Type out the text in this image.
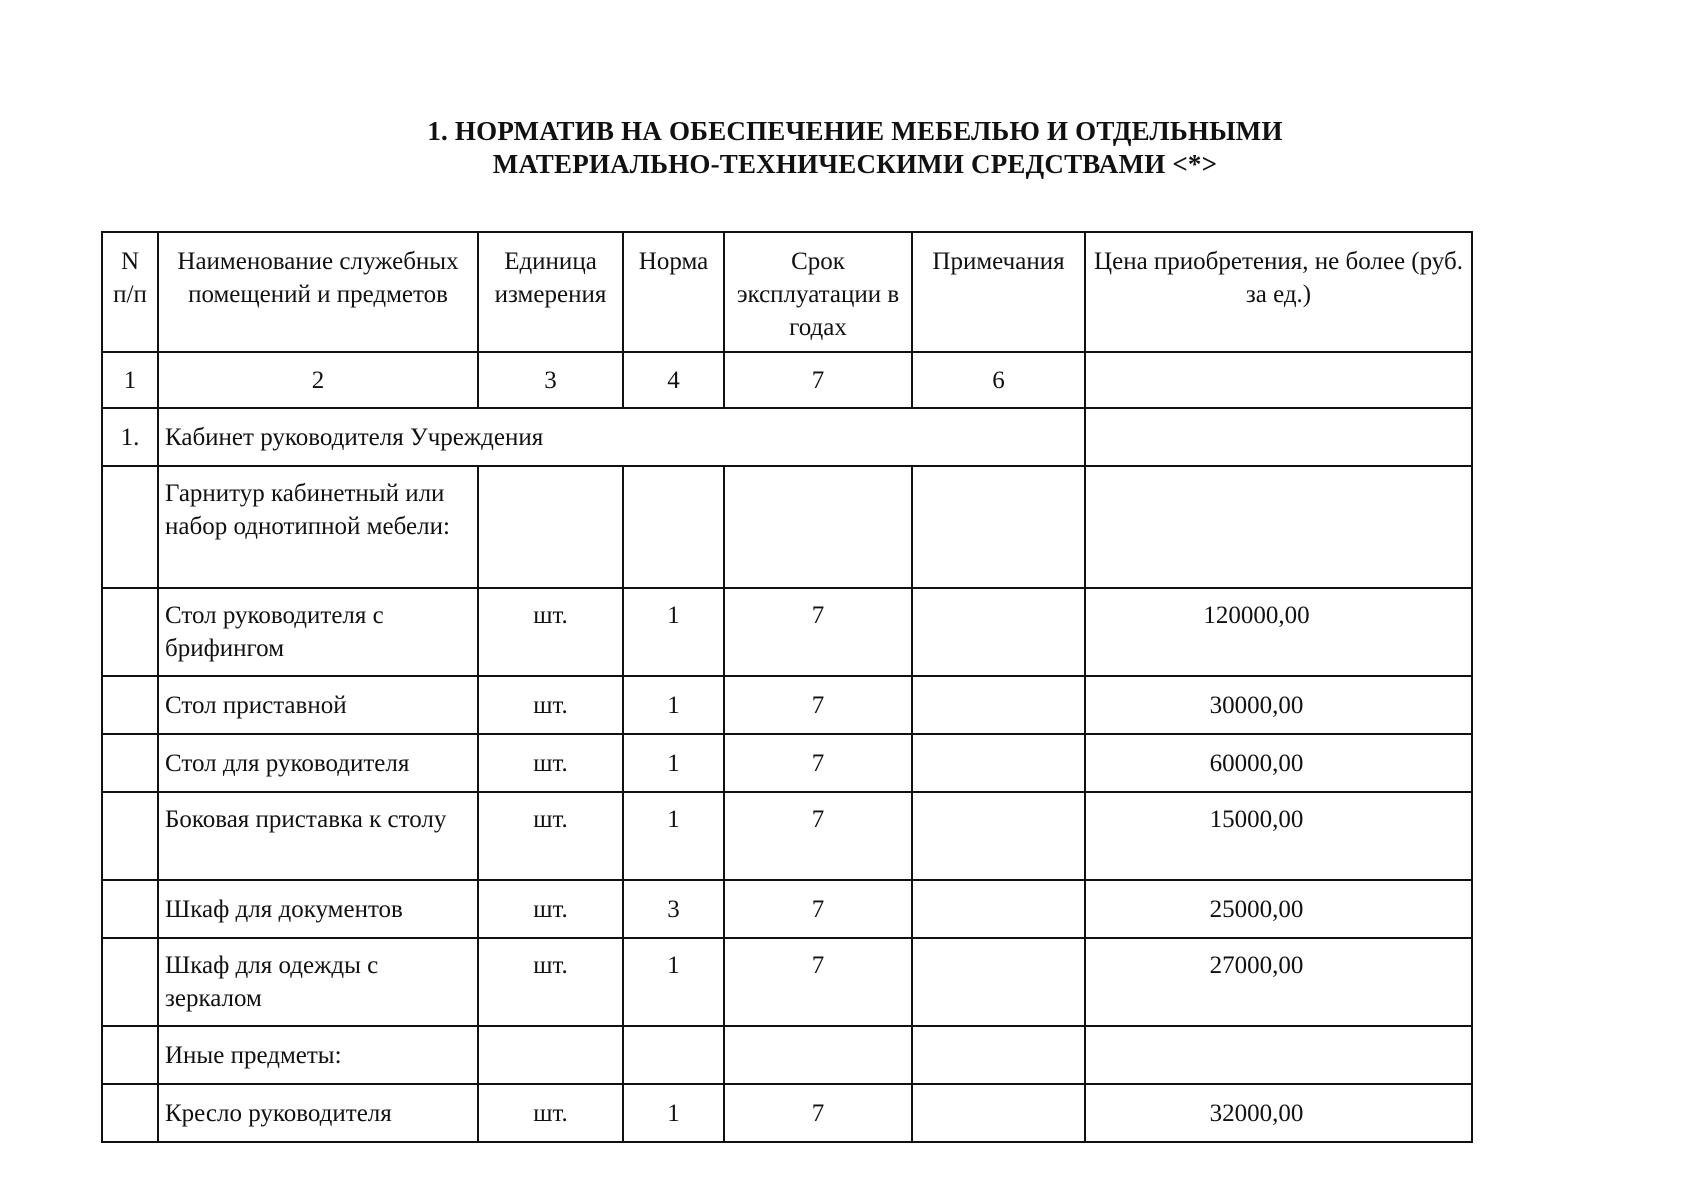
1. НОРМАТИВ НА ОБЕСПЕЧЕНИЕ МЕБЕЛЬЮ И ОТДЕЛЬНЫМИ
МАТЕРИАЛЬНО-ТЕХНИЧЕСКИМИ СРЕДСТВАМИ <*>
N п/п	Наименование служебных помещений и предметов	Единица измерения	Норма	Срок эксплуатации в годах	Примечания	Цена приобретения, не более (руб. за ед.)
1	2	3	4	7	6	
1.	Кабинет руководителя Учреждения					
	Гарнитур кабинетный или набор однотипной мебели:					
	Стол руководителя с брифингом	шт.	1	7		120000,00
	Стол приставной	шт.	1	7		30000,00
	Стол для руководителя	шт.	1	7		60000,00
	Боковая приставка к столу	шт.	1	7		15000,00
	Шкаф для документов	шт.	3	7		25000,00
	Шкаф для одежды с зеркалом	шт.	1	7		27000,00
	Иные предметы:					
	Кресло руководителя	шт.	1	7		32000,00
